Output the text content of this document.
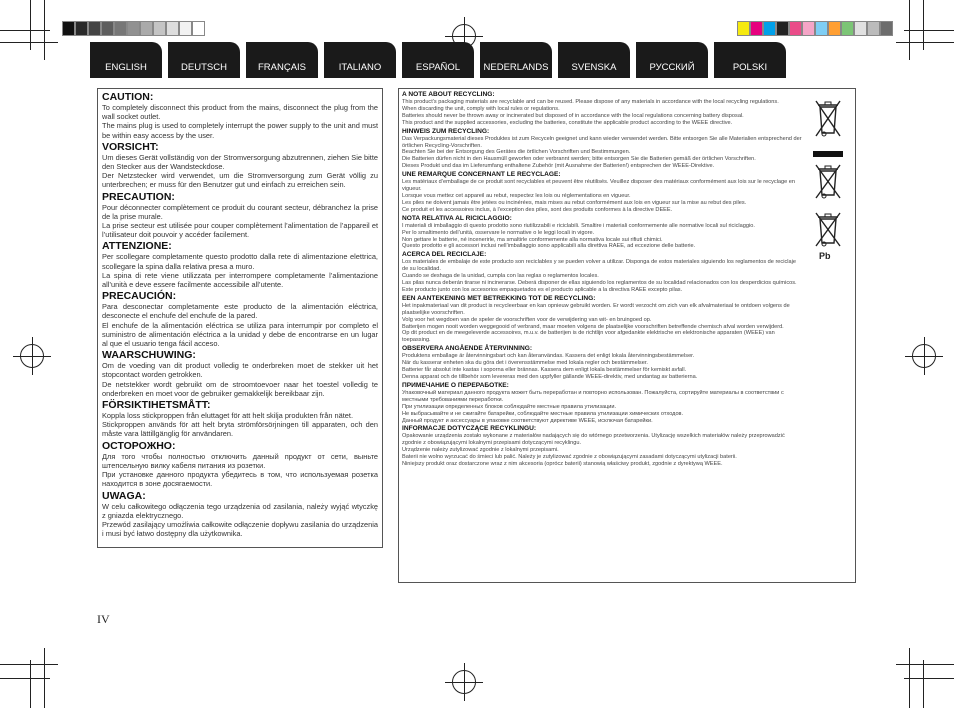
ENGLISH	DEUTSCH	FRANÇAIS	ITALIANO	ESPAÑOL	NEDERLANDS	SVENSKA	РУССКИЙ	POLSKI
CAUTION:

To completely disconnect this product from the mains, disconnect the plug from the wall socket outlet.

The mains plug is used to completely interrupt the power supply to the unit and must be within easy access by the user.

VORSICHT:

Um dieses Gerät vollständig von der Stromversorgung abzutrennen, ziehen Sie bitte den Stecker aus der Wandsteckdose.

Der Netzstecker wird verwendet, um die Stromversorgung zum Gerät völlig zu unterbrechen; er muss für den Benutzer gut und einfach zu erreichen sein.

PRECAUTION:

Pour déconnecter complètement ce produit du courant secteur, débranchez la prise de la prise murale.

La prise secteur est utilisée pour couper complètement l’alimentation de l’appareil et l’utilisateur doit pouvoir y accéder facilement.

ATTENZIONE:

Per scollegare completamente questo prodotto dalla rete di alimentazione elettrica, scollegare la spina dalla relativa presa a muro.

La spina di rete viene utilizzata per interrompere completamente l’alimentazione all’unità e deve essere facilmente accessibile all’utente.

PRECAUCIÓN:

Para desconectar completamente este producto de la alimentación eléctrica, desconecte el enchufe del enchufe de la pared.

El enchufe de la alimentación eléctrica se utiliza para interrumpir por completo el suministro de alimentación eléctrica a la unidad y debe de encontrarse en un lugar al que el usuario tenga fácil acceso.

WAARSCHUWING:

Om de voeding van dit product volledig te onderbreken moet de stekker uit het stopcontact worden getrokken.

De netstekker wordt gebruikt om de stroomtoevoer naar het toestel volledig te onderbreken en moet voor de gebruiker gemakkelijk bereikbaar zijn.

FÖRSIKTIHETSMÅTT:

Koppla loss stickproppen från eluttaget för att helt skilja produkten från nätet.

Stickproppen används för att helt bryta strömförsörjningen till apparaten, och den måste vara lättillgänglig för användaren.

ОСТОРОЖНО:

Для того чтобы полностью отключить данный продукт от сети, выньте штепсельную вилку кабеля питания из розетки.

При установке данного продукта убедитесь в том, что используемая розетка находится в зоне досягаемости.

UWAGA:

W celu całkowitego odłączenia tego urządzenia od zasilania, należy wyjąć wtyczkę z gniazda elektrycznego.

Przewód zasilający umożliwia całkowite odłączenie dopływu zasilania do urządzenia i musi być łatwo dostępny dla użytkownika.

A NOTE ABOUT RECYCLING:

This product’s packaging materials are recyclable and can be reused. Please dispose of any materials in accordance with the local recycling regulations.

When discarding the unit, comply with local rules or regulations.

Batteries should never be thrown away or incinerated but disposed of in accordance with the local regulations concerning battery disposal.

This product and the supplied accessories, excluding the batteries, constitute the applicable product according to the WEEE directive.

HINWEIS ZUM RECYCLING:

Das Verpackungsmaterial dieses Produktes ist zum Recyceln geeignet und kann wieder verwendet werden. Bitte entsorgen Sie alle Materialien entsprechend der örtlichen Recycling-Vorschriften.

Beachten Sie bei der Entsorgung des Gerätes die örtlichen Vorschriften und Bestimmungen.

Die Batterien dürfen nicht in den Hausmüll geworfen oder verbrannt werden; bitte entsorgen Sie die Batterien gemäß der örtlichen Vorschriften.

Dieses Produkt und das im Lieferumfang enthaltene Zubehör (mit Ausnahme der Batterien!) entsprechen der WEEE-Direktive.

UNE REMARQUE CONCERNANT LE RECYCLAGE:

Les matériaux d’emballage de ce produit sont recyclables et peuvent être réutilisés. Veuillez disposer des matériaux conformément aux lois sur le recyclage en vigueur.

Lorsque vous mettez cet appareil au rebut, respectez les lois ou réglementations en vigueur.

Les piles ne doivent jamais être jetées ou incinérées, mais mises au rebut conformément aux lois en vigueur sur la mise au rebut des piles.

Ce produit et les accessoires inclus, à l’exception des piles, sont des produits conformes à la directive DEEE.

NOTA RELATIVA AL RICICLAGGIO:

I materiali di imballaggio di questo prodotto sono riutilizzabili e riciclabili. Smaltire i materiali conformemente alle normative locali sul riciclaggio.

Per lo smaltimento dell’unità, osservare le normative o le leggi locali in vigore.

Non gettare le batterie, né incenerirle, ma smaltirle conformemente alla normativa locale sui rifiuti chimici.

Questo prodotto e gli accessori inclusi nell’imballaggio sono applicabili alla direttiva RAEE, ad eccezione delle batterie.

ACERCA DEL RECICLAJE:

Los materiales de embalaje de este producto son reciclables y se pueden volver a utilizar. Disponga de estos materiales siguiendo los reglamentos de reciclaje de su localidad.

Cuando se deshaga de la unidad, cumpla con las reglas o reglamentos locales.

Las pilas nunca deberán tirarse ni incinerarse. Deberá disponer de ellas siguiendo los reglamentos de su localidad relacionados con los desperdicios químicos.

Este producto junto con los accesorios empaquetados es el producto aplicable a la directiva RAEE excepto pilas.

EEN AANTEKENING MET BETREKKING TOT DE RECYCLING:

Het inpakmateriaal van dit product is recycleerbaar en kan opnieuw gebruikt worden. Er wordt verzocht om zich van elk afvalmateriaal te ontdoen volgens de plaatselijke voorschriften.

Volg voor het wegdoen van de speler de voorschriften voor de verwijdering van wit- en bruingoed op.

Batterijen mogen nooit worden weggegooid of verbrand, maar moeten volgens de plaatselijke voorschriften betreffende chemisch afval worden verwijderd.

Op dit product en de meegeleverde accessoires, m.u.v. de batterijen is de richtlijn voor afgedankte elektrische en elektronische apparaten (WEEE) van toepassing.

OBSERVERA ANGÅENDE ÅTERVINNING:

Produktens emballage är återvinningsbart och kan återanvändas. Kassera det enligt lokala återvinningsbestämmelser.

När du kasserar enheten ska du göra det i överensstämmelse med lokala regler och bestämmelser.

Batterier får absolut inte kastas i soporna eller brännas. Kassera dem enligt lokala bestämmelser för kemiskt avfall.

Denna apparat och de tillbehör som levereras med den uppfyller gällande WEEE-direktiv, med undantag av batterierna.

ПРИМЕЧАНИЕ О ПЕРЕРАБОТКЕ:

Упаковочный материал данного продукта может быть переработан и повторно использован. Пожалуйста, сортируйте материалы в соответствии с местными требованиями переработки.

При утилизации определенных блоков соблюдайте местные правила утилизации.

Не выбрасывайте и не сжигайте батарейки, соблюдайте местные правила утилизации химических отходов.

Данный продукт и аксессуары в упаковке соответствуют директиве WEEE, исключая батарейки.

INFORMACJE DOTYCZĄCE RECYKLINGU:

Opakowanie urządzenia zostało wykonane z materiałów nadających się do wtórnego przetworzenia. Utylizację wszelkich materiałów należy przeprowadzić zgodnie z obowiązującymi lokalnymi przepisami dotyczącymi recyklingu.

Urządzenie należy zutylizować zgodnie z lokalnymi przepisami.

Baterii nie wolno wyrzucać do śmieci lub palić. Należy je zutylizować zgodnie z obowiązującymi zasadami dotyczącymi utylizacji baterii.

Niniejszy produkt oraz dostarczone wraz z nim akcesoria (oprócz baterii) stanowią właściwy produkt, zgodnie z dyrektywą WEEE.

Pb
IV
